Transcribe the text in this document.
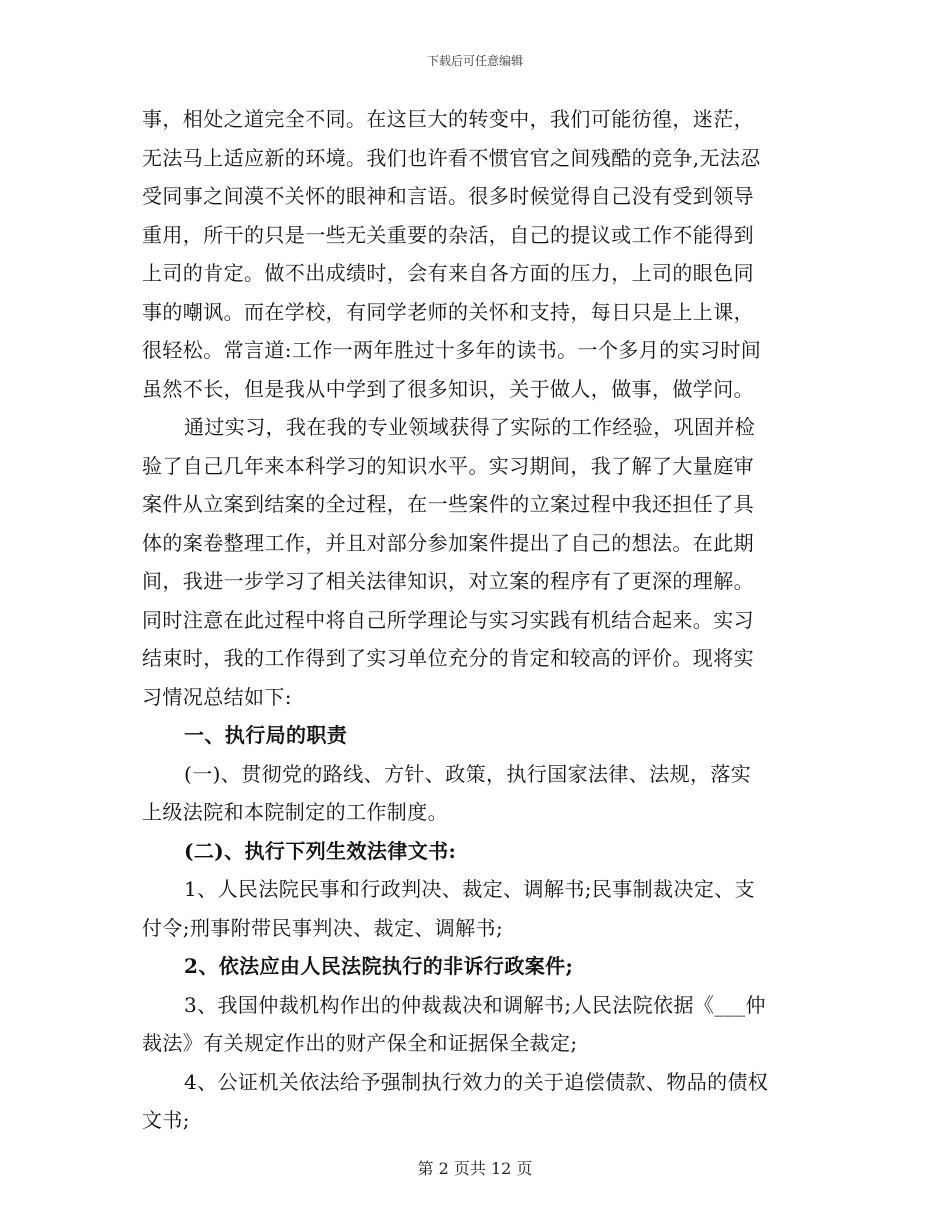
下载后可任意编辑
事，相处之道完全不同。在这巨大的转变中，我们可能彷徨，迷茫，
无法马上适应新的环境。我们也许看不惯官官之间残酷的竞争,无法忍
受同事之间漠不关怀的眼神和言语。很多时候觉得自己没有受到领导
重用，所干的只是一些无关重要的杂活，自己的提议或工作不能得到
上司的肯定。做不出成绩时，会有来自各方面的压力，上司的眼色同
事的嘲讽。而在学校，有同学老师的关怀和支持，每日只是上上课，
很轻松。常言道:工作一两年胜过十多年的读书。一个多月的实习时间
虽然不长，但是我从中学到了很多知识，关于做人，做事，做学问。
通过实习，我在我的专业领域获得了实际的工作经验，巩固并检
验了自己几年来本科学习的知识水平。实习期间，我了解了大量庭审
案件从立案到结案的全过程，在一些案件的立案过程中我还担任了具
体的案卷整理工作，并且对部分参加案件提出了自己的想法。在此期
间，我进一步学习了相关法律知识，对立案的程序有了更深的理解。
同时注意在此过程中将自己所学理论与实习实践有机结合起来。实习
结束时，我的工作得到了实习单位充分的肯定和较高的评价。现将实
习情况总结如下:
一、执行局的职责
(一)、贯彻党的路线、方针、政策，执行国家法律、法规，落实
上级法院和本院制定的工作制度。
(二)、执行下列生效法律文书:
1、人民法院民事和行政判决、裁定、调解书;民事制裁决定、支
付令;刑事附带民事判决、裁定、调解书;
2、依法应由人民法院执行的非诉行政案件;
3、我国仲裁机构作出的仲裁裁决和调解书;人民法院依据《___仲
裁法》有关规定作出的财产保全和证据保全裁定;
4、公证机关依法给予强制执行效力的关于追偿债款、物品的债权
文书;
第 2 页共 12 页
